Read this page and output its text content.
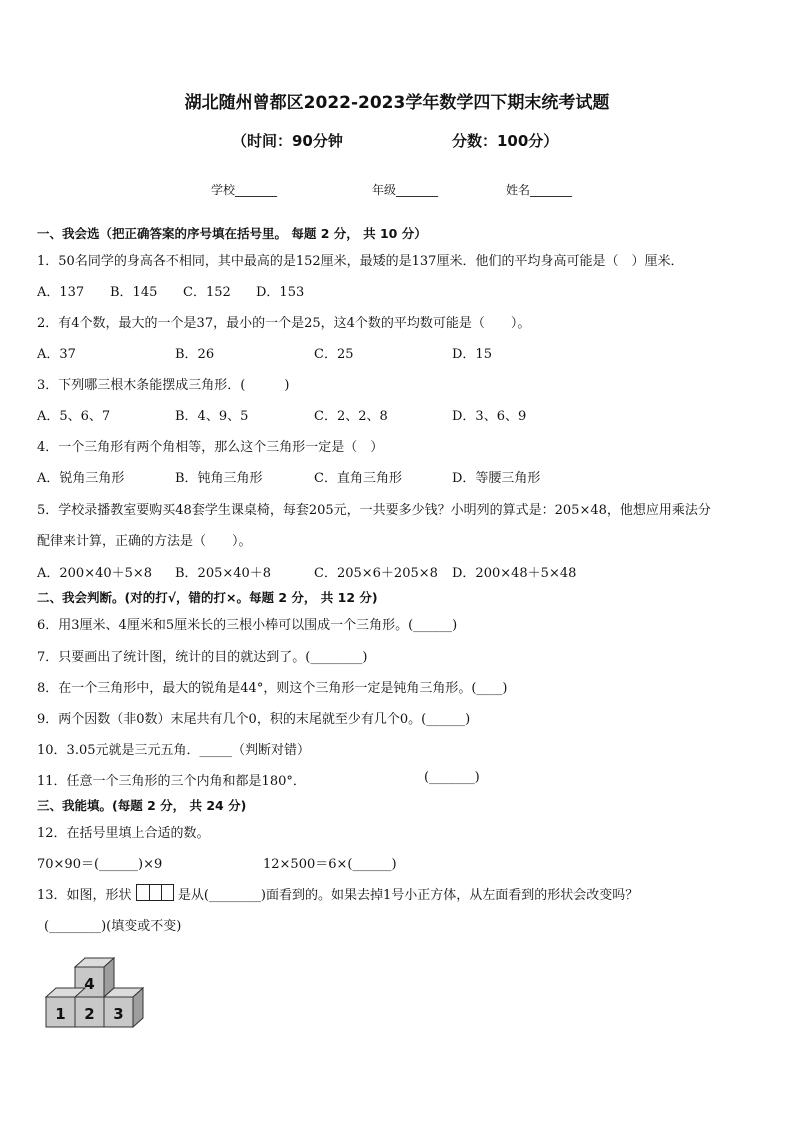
湖北随州曾都区2022-2023学年数学四下期末统考试题
（时间：90分钟	分数：100分）
学校_______	年级_______	姓名_______
一、我会选（把正确答案的序号填在括号里。 每题 2 分， 共 10 分）
1．50名同学的身高各不相同，其中最高的是152厘米，最矮的是137厘米．他们的平均身高可能是（　）厘米．
A．137 B．145 C．152 D．153
2．有4个数，最大的一个是37，最小的一个是25，这4个数的平均数可能是（　　）。
A．37	B．26	C．25	D．15
3．下列哪三根木条能摆成三角形．(　　　)
A．5、6、7	B．4、9、5	C．2、2、8	D．3、6、9
4．一个三角形有两个角相等，那么这个三角形一定是（　）
A．锐角三角形	B．钝角三角形	C．直角三角形	D．等腰三角形
5．学校录播教室要购买48套学生课桌椅，每套205元，一共要多少钱？小明列的算式是：205×48，他想应用乘法分
配律来计算，正确的方法是（　　）。
A．200×40＋5×8 B．205×40＋8	C．205×6＋205×8 D．200×48＋5×48
二、我会判断。(对的打√，错的打×。每题 2 分， 共 12 分)
6．用3厘米、4厘米和5厘米长的三根小棒可以围成一个三角形。(______)
7．只要画出了统计图，统计的目的就达到了。(________)
8．在一个三角形中，最大的锐角是44°，则这个三角形一定是钝角三角形。(____)
9．两个因数（非0数）末尾共有几个0，积的末尾就至少有几个0。(______)
10．3.05元就是三元五角．_____（判断对错）
11．任意一个三角形的三个内角和都是180°．	(_______)
三、我能填。(每题 2 分， 共 24 分)
12．在括号里填上合适的数。
70×90＝(______)×9	12×500＝6×(______)
13．如图，形状	是从(________)面看到的。如果去掉1号小正方体，从左面看到的形状会改变吗？
(________)(填变或不变)
1 2 3
4
